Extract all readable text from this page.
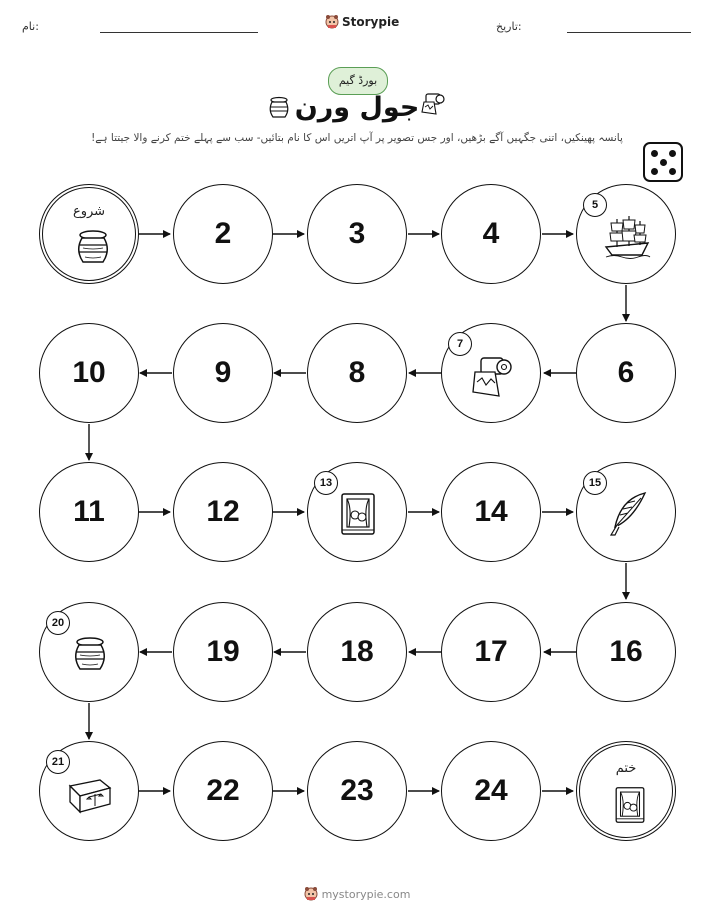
نام:	Storypie	تاریخ:
بورڈ گیم
جول ورن
پانسہ پھینکیں، اتنی جگہیں آگے بڑھیں، اور جس تصویر پر آپ اتریں اس کا نام بتائیں- سب سے پہلے ختم کرنے والا جیتتا ہے!
شروع
2	3	4
5
10	9	8
7
6
11	12
13
14
15
20
19	18	17	16
21
22	23	24
ختم
mystorypie.com
